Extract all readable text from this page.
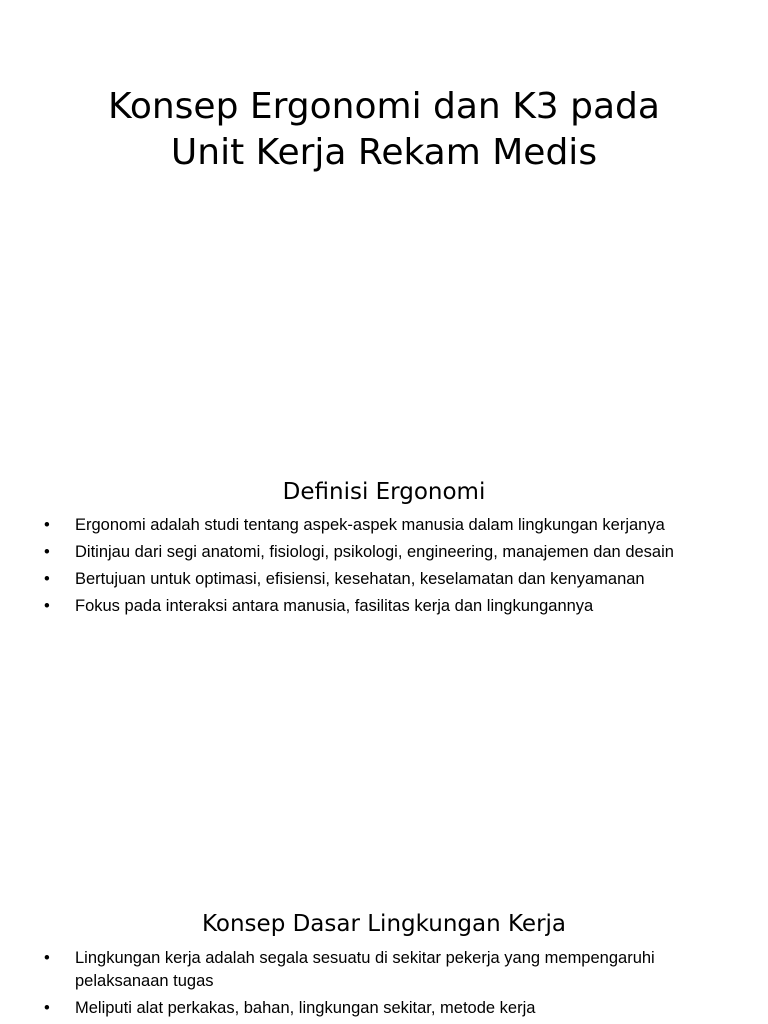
Konsep Ergonomi dan K3 pada
Unit Kerja Rekam Medis
Definisi Ergonomi
• Ergonomi adalah studi tentang aspek-aspek manusia dalam lingkungan kerjanya
• Ditinjau dari segi anatomi, fisiologi, psikologi, engineering, manajemen dan desain
• Bertujuan untuk optimasi, efisiensi, kesehatan, keselamatan dan kenyamanan
• Fokus pada interaksi antara manusia, fasilitas kerja dan lingkungannya
Konsep Dasar Lingkungan Kerja
• Lingkungan kerja adalah segala sesuatu di sekitar pekerja yang mempengaruhi pelaksanaan tugas
• Meliputi alat perkakas, bahan, lingkungan sekitar, metode kerja
